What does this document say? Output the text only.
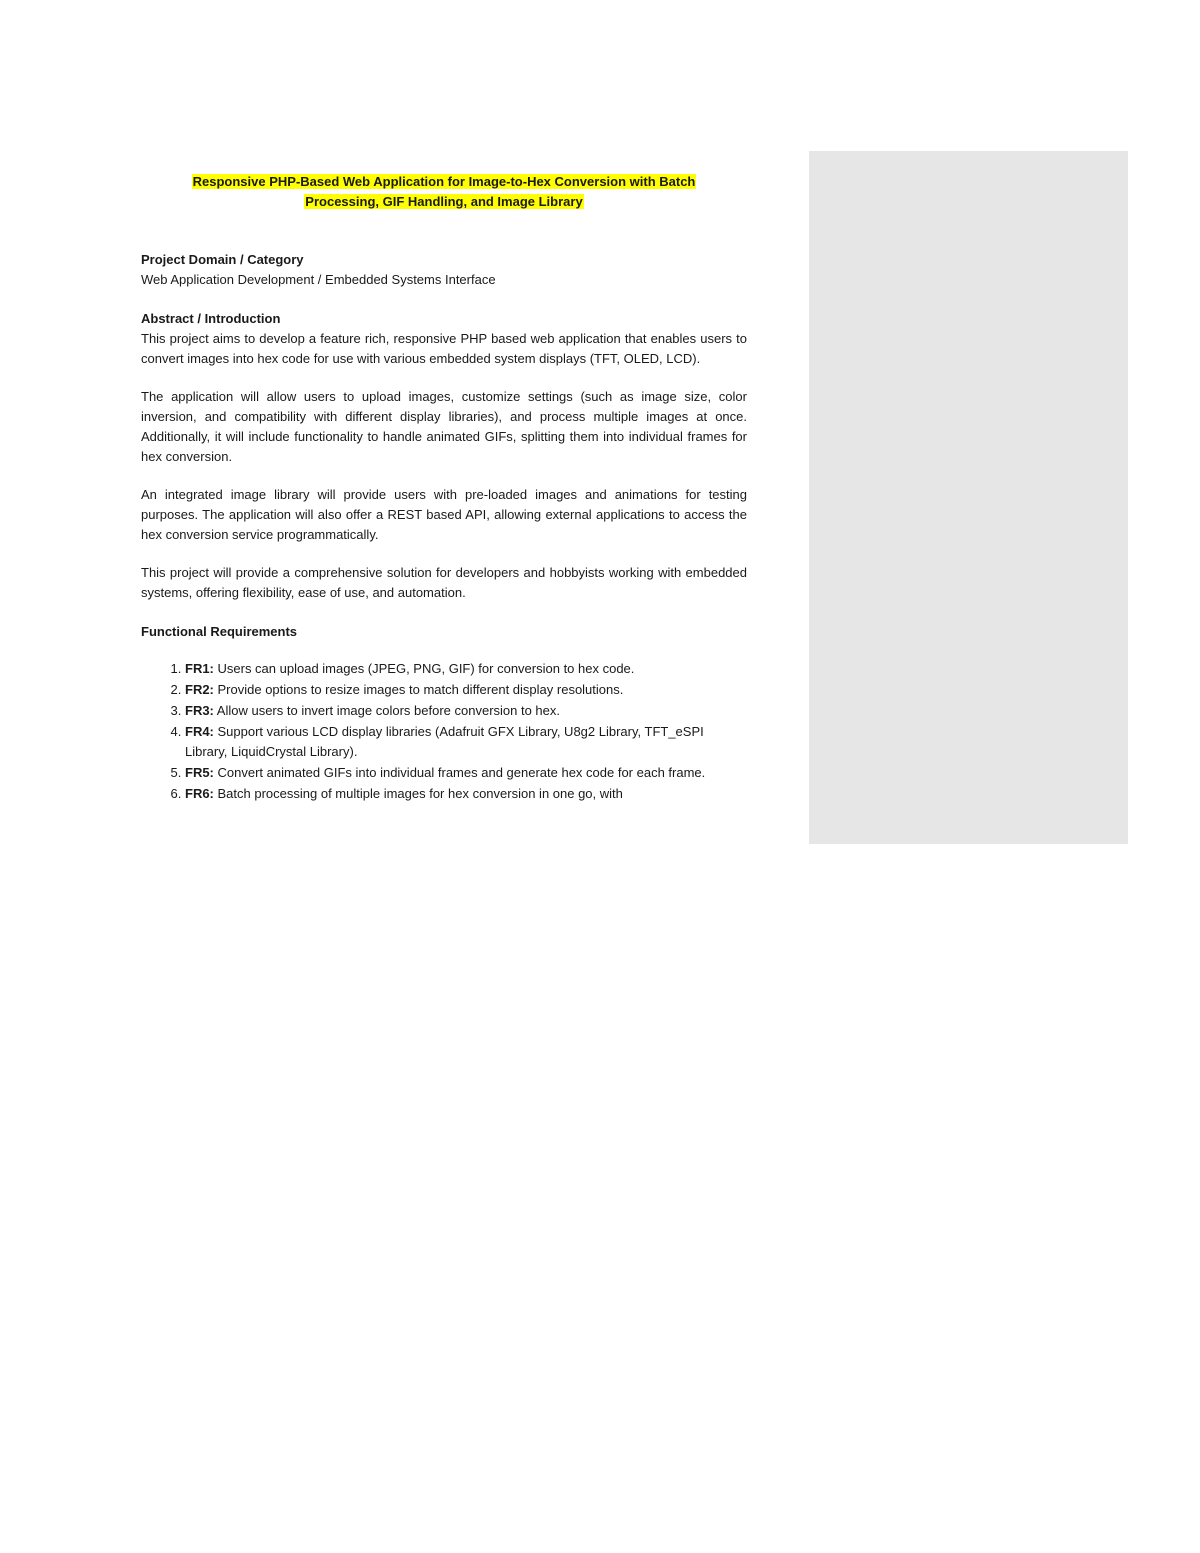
Responsive PHP-Based Web Application for Image-to-Hex Conversion with Batch
Processing, GIF Handling, and Image Library

Project Domain / Category

Web Application Development / Embedded Systems Interface

Abstract / Introduction

This project aims to develop a feature rich, responsive PHP based web application that enables users to convert images into hex code for use with various embedded system displays (TFT, OLED, LCD).

The application will allow users to upload images, customize settings (such as image size, color inversion, and compatibility with different display libraries), and process multiple images at once. Additionally, it will include functionality to handle animated GIFs, splitting them into individual frames for hex conversion.

An integrated image library will provide users with pre-loaded images and animations for testing purposes. The application will also offer a REST based API, allowing external applications to access the hex conversion service programmatically.

This project will provide a comprehensive solution for developers and hobbyists working with embedded systems, offering flexibility, ease of use, and automation.

Functional Requirements

1. FR1: Users can upload images (JPEG, PNG, GIF) for conversion to hex code.
2. FR2: Provide options to resize images to match different display resolutions.
3. FR3: Allow users to invert image colors before conversion to hex.
4. FR4: Support various LCD display libraries (Adafruit GFX Library, U8g2 Library, TFT_eSPI Library, LiquidCrystal Library).
5. FR5: Convert animated GIFs into individual frames and generate hex code for each frame.
6. FR6: Batch processing of multiple images for hex conversion in one go, with
